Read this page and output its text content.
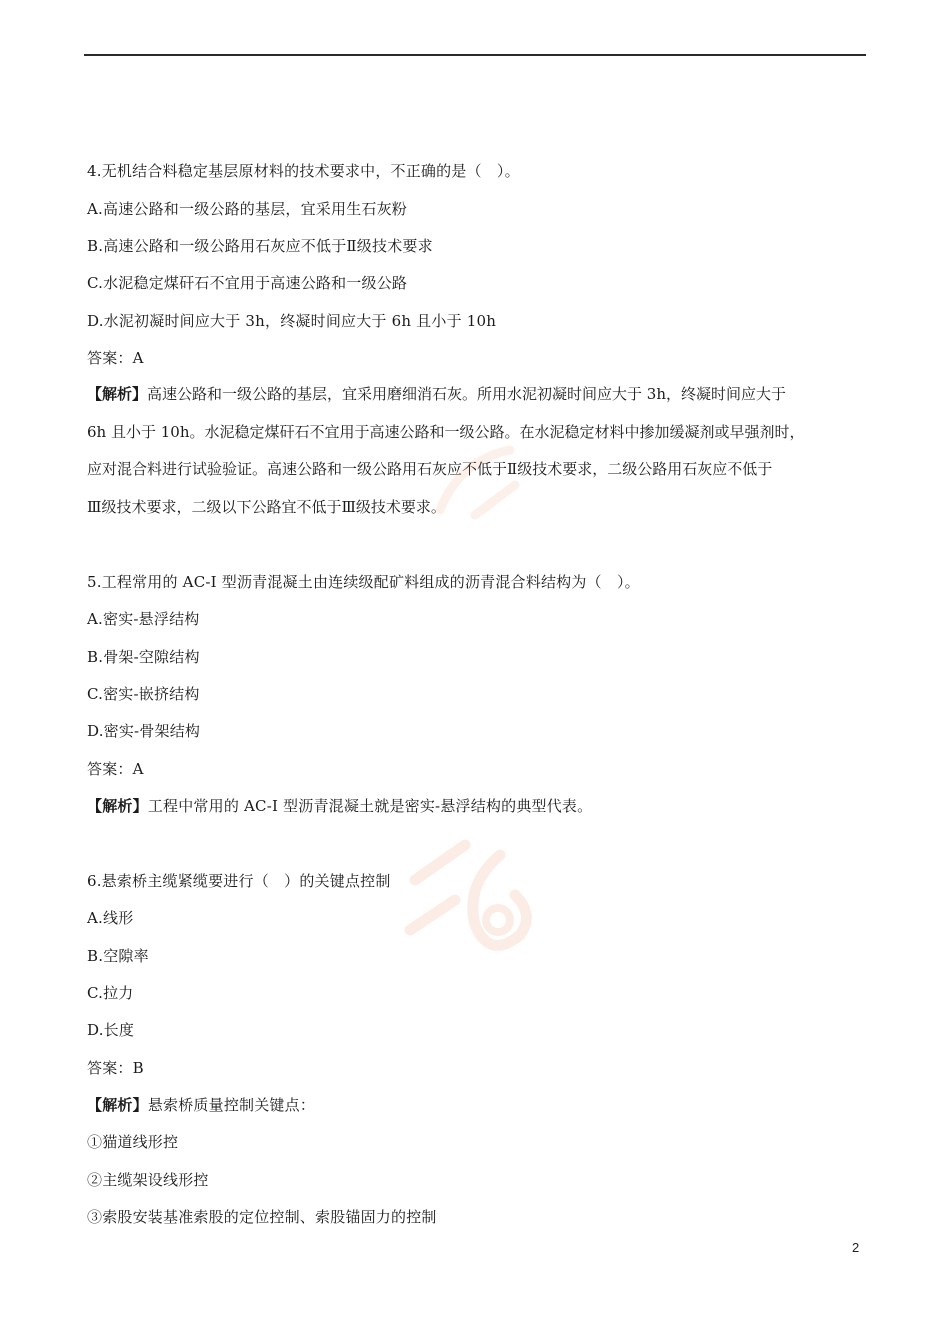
4.无机结合料稳定基层原材料的技术要求中，不正确的是（　）。
A.高速公路和一级公路的基层，宜采用生石灰粉
B.高速公路和一级公路用石灰应不低于Ⅱ级技术要求
C.水泥稳定煤矸石不宜用于高速公路和一级公路
D.水泥初凝时间应大于 3h，终凝时间应大于 6h 且小于 10h
答案：A
【解析】高速公路和一级公路的基层，宜采用磨细消石灰。所用水泥初凝时间应大于 3h，终凝时间应大于
6h 且小于 10h。水泥稳定煤矸石不宜用于高速公路和一级公路。在水泥稳定材料中掺加缓凝剂或早强剂时，
应对混合料进行试验验证。高速公路和一级公路用石灰应不低于Ⅱ级技术要求，二级公路用石灰应不低于
Ⅲ级技术要求，二级以下公路宜不低于Ⅲ级技术要求。
5.工程常用的 AC-I 型沥青混凝土由连续级配矿料组成的沥青混合料结构为（　）。
A.密实-悬浮结构
B.骨架-空隙结构
C.密实-嵌挤结构
D.密实-骨架结构
答案：A
【解析】工程中常用的 AC-I 型沥青混凝土就是密实-悬浮结构的典型代表。
6.悬索桥主缆紧缆要进行（　）的关键点控制
A.线形
B.空隙率
C.拉力
D.长度
答案：B
【解析】悬索桥质量控制关键点：
①猫道线形控
②主缆架设线形控
③索股安装基准索股的定位控制、索股锚固力的控制
2
